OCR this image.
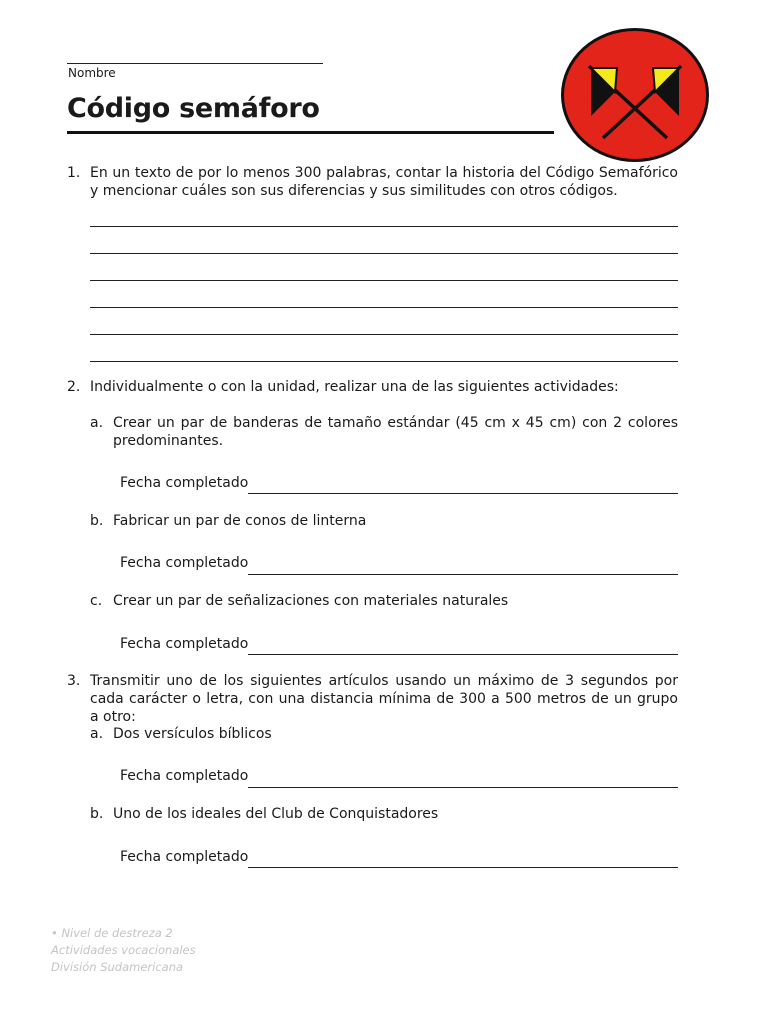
Nombre
Código semáforo
1. En un texto de por lo menos 300 palabras, contar la historia del Código Semafórico y mencionar cuáles son sus diferencias y sus similitudes con otros códigos.
2. Individualmente o con la unidad, realizar una de las siguientes actividades:
a. Crear un par de banderas de tamaño estándar (45 cm x 45 cm) con 2 colores predominantes.
Fecha completado
b. Fabricar un par de conos de linterna
Fecha completado
c. Crear un par de señalizaciones con materiales naturales
Fecha completado
3. Transmitir uno de los siguientes artículos usando un máximo de 3 segundos por cada carácter o letra, con una distancia mínima de 300 a 500 metros de un grupo a otro:
a. Dos versículos bíblicos
Fecha completado
b. Uno de los ideales del Club de Conquistadores
Fecha completado
• Nivel de destreza 2
Actividades vocacionales
División Sudamericana
